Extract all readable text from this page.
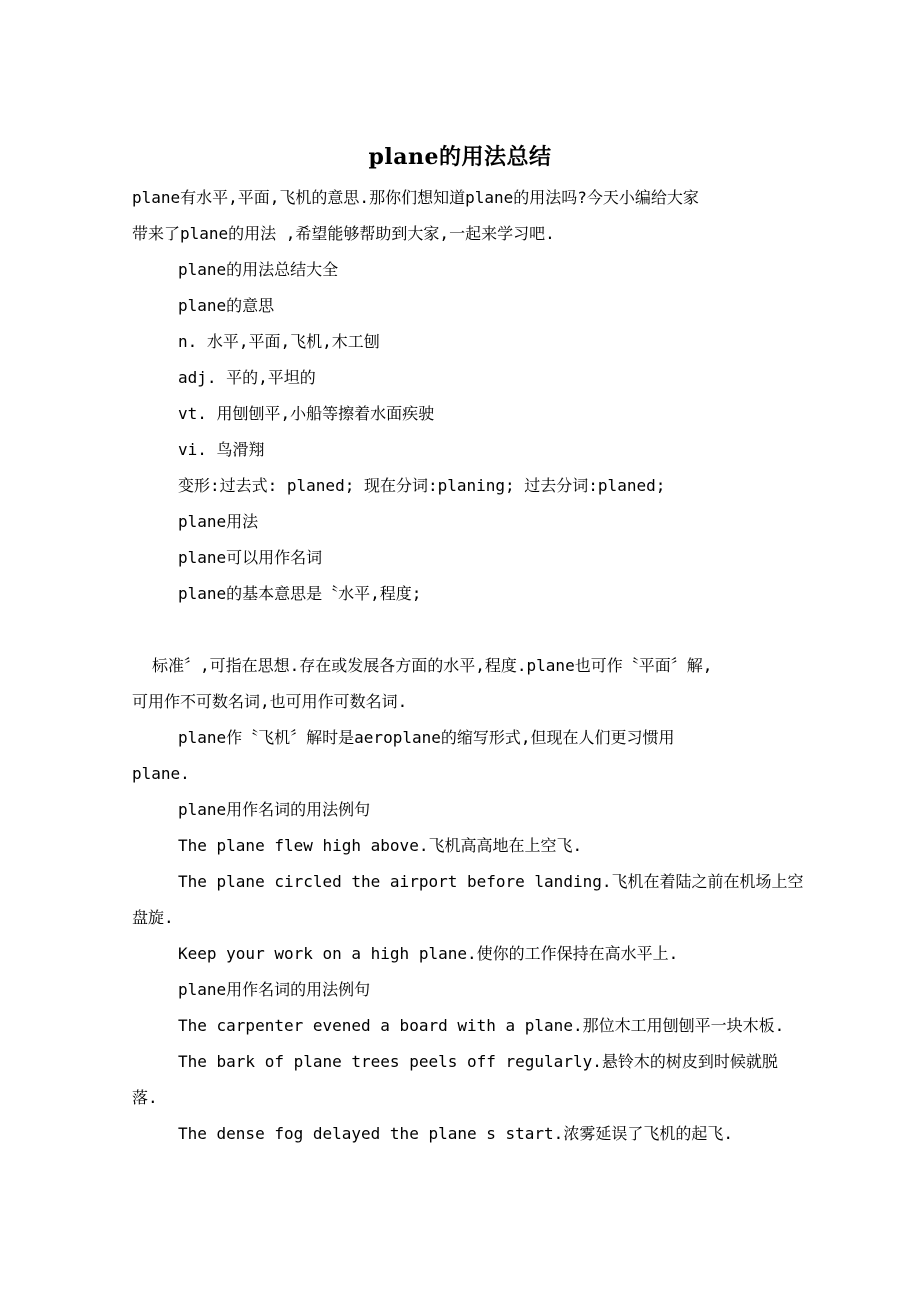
plane的用法总结
plane有水平,平面,飞机的意思.那你们想知道plane的用法吗?今天小编给大家
带来了plane的用法 ,希望能够帮助到大家,一起来学习吧.
plane的用法总结大全
plane的意思
n. 水平,平面,飞机,木工刨
adj. 平的,平坦的
vt. 用刨刨平,小船等擦着水面疾驶
vi. 鸟滑翔
变形:过去式: planed; 现在分词:planing; 过去分词:planed;
plane用法
plane可以用作名词
plane的基本意思是〝水平,程度;
标准〞,可指在思想.存在或发展各方面的水平,程度.plane也可作〝平面〞解,
可用作不可数名词,也可用作可数名词.
plane作〝飞机〞解时是aeroplane的缩写形式,但现在人们更习惯用
plane.
plane用作名词的用法例句
The plane flew high above.飞机高高地在上空飞.
The plane circled the airport before landing.飞机在着陆之前在机场上空
盘旋.
Keep your work on a high plane.使你的工作保持在高水平上.
plane用作名词的用法例句
The carpenter evened a board with a plane.那位木工用刨刨平一块木板.
The bark of plane trees peels off regularly.悬铃木的树皮到时候就脱
落.
The dense fog delayed the plane s start.浓雾延误了飞机的起飞.
